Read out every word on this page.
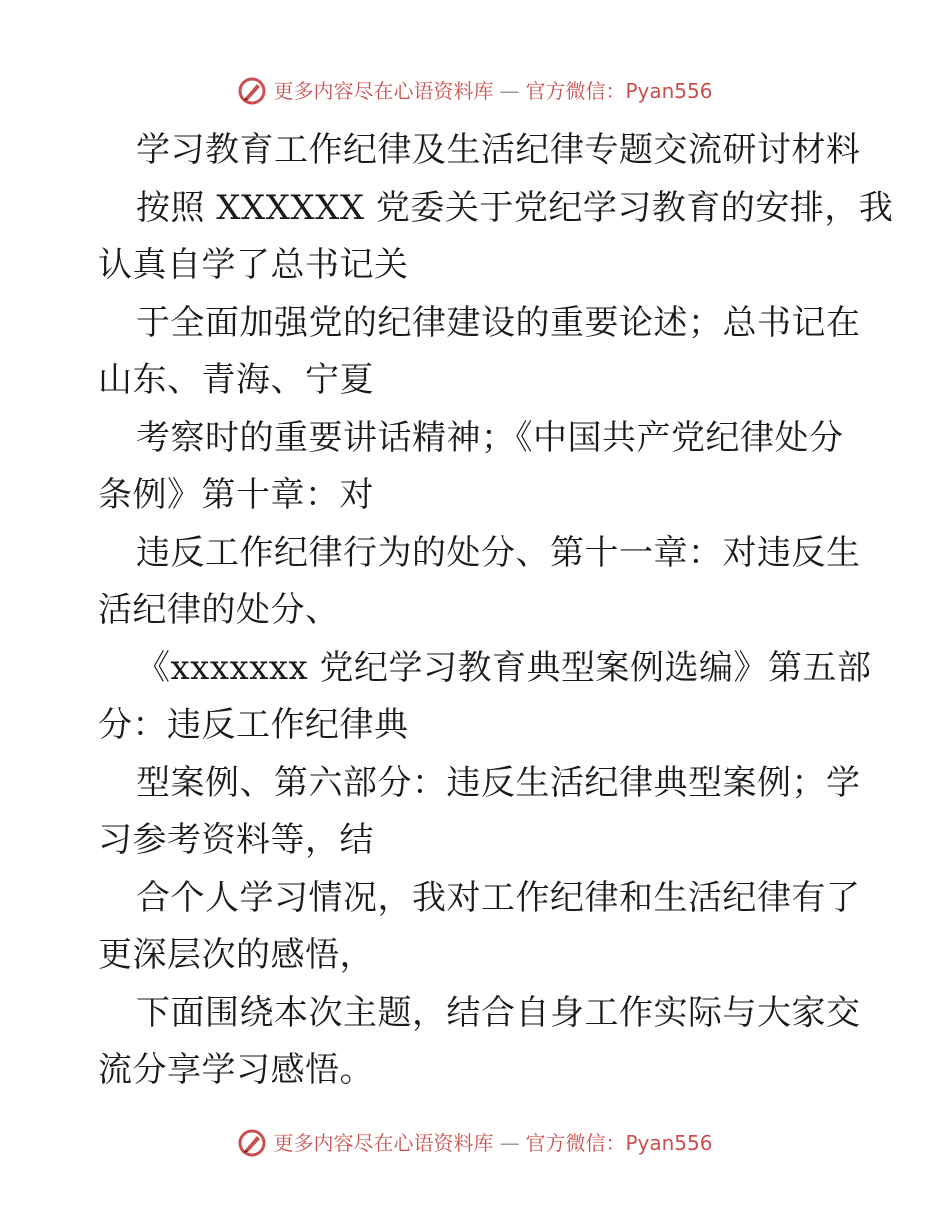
更多内容尽在心语资料库 — 官方微信：Pyan556
学习教育工作纪律及生活纪律专题交流研讨材料
按照 XXXXXX 党委关于党纪学习教育的安排，我
认真自学了总书记关
于全面加强党的纪律建设的重要论述；总书记在
山东、青海、宁夏
考察时的重要讲话精神；《中国共产党纪律处分
条例》第十章：对
违反工作纪律行为的处分、第十一章：对违反生
活纪律的处分、
《xxxxxxx 党纪学习教育典型案例选编》第五部
分：违反工作纪律典
型案例、第六部分：违反生活纪律典型案例；学
习参考资料等，结
合个人学习情况，我对工作纪律和生活纪律有了
更深层次的感悟，
下面围绕本次主题，结合自身工作实际与大家交
流分享学习感悟。
更多内容尽在心语资料库 — 官方微信：Pyan556
